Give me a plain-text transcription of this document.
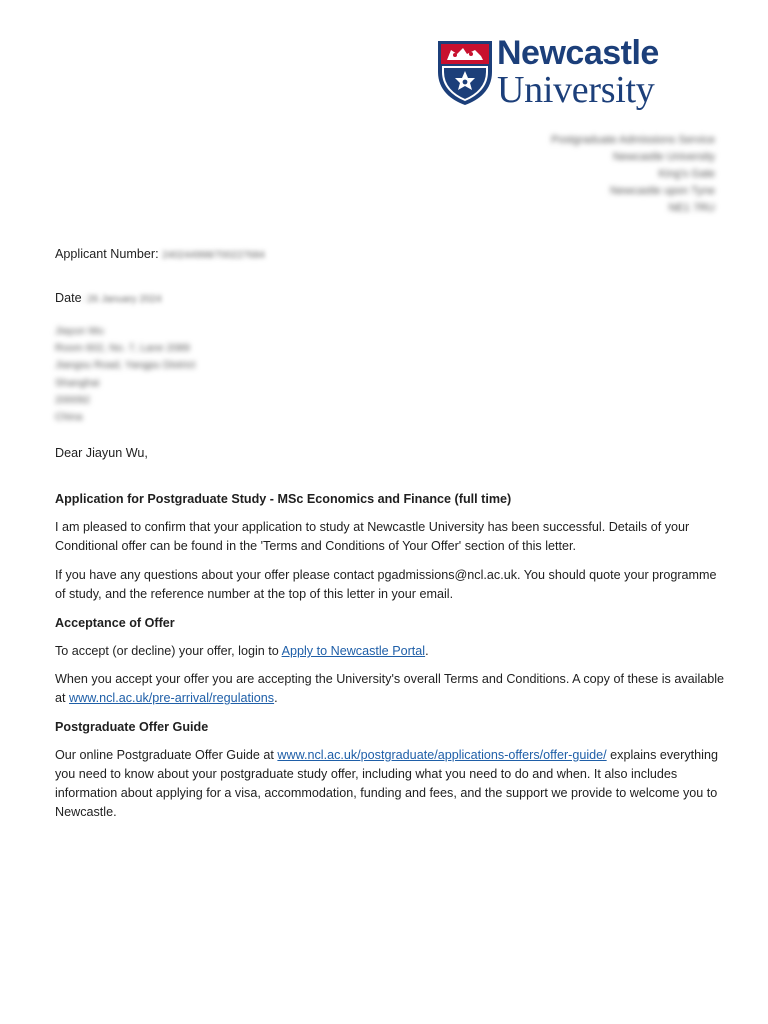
Newcastle
University
Postgraduate Admissions Service
Newcastle University
King's Gate
Newcastle upon Tyne
NE1 7RU
Applicant Number: 240244998/700227684
Date: 26 January 2024
Jiayun Wu
Room 602, No. 7, Lane 2089
Jiangsu Road, Yangpu District
Shanghai
200092
China
Dear Jiayun Wu,
Application for Postgraduate Study - MSc Economics and Finance (full time)
I am pleased to confirm that your application to study at Newcastle University has been successful. Details of your Conditional offer can be found in the 'Terms and Conditions of Your Offer' section of this letter.
If you have any questions about your offer please contact pgadmissions@ncl.ac.uk. You should quote your programme of study, and the reference number at the top of this letter in your email.
Acceptance of Offer
To accept (or decline) your offer, login to Apply to Newcastle Portal.
When you accept your offer you are accepting the University's overall Terms and Conditions. A copy of these is available at www.ncl.ac.uk/pre-arrival/regulations.
Postgraduate Offer Guide
Our online Postgraduate Offer Guide at www.ncl.ac.uk/postgraduate/applications-offers/offer-guide/ explains everything you need to know about your postgraduate study offer, including what you need to do and when. It also includes information about applying for a visa, accommodation, funding and fees, and the support we provide to welcome you to Newcastle.
